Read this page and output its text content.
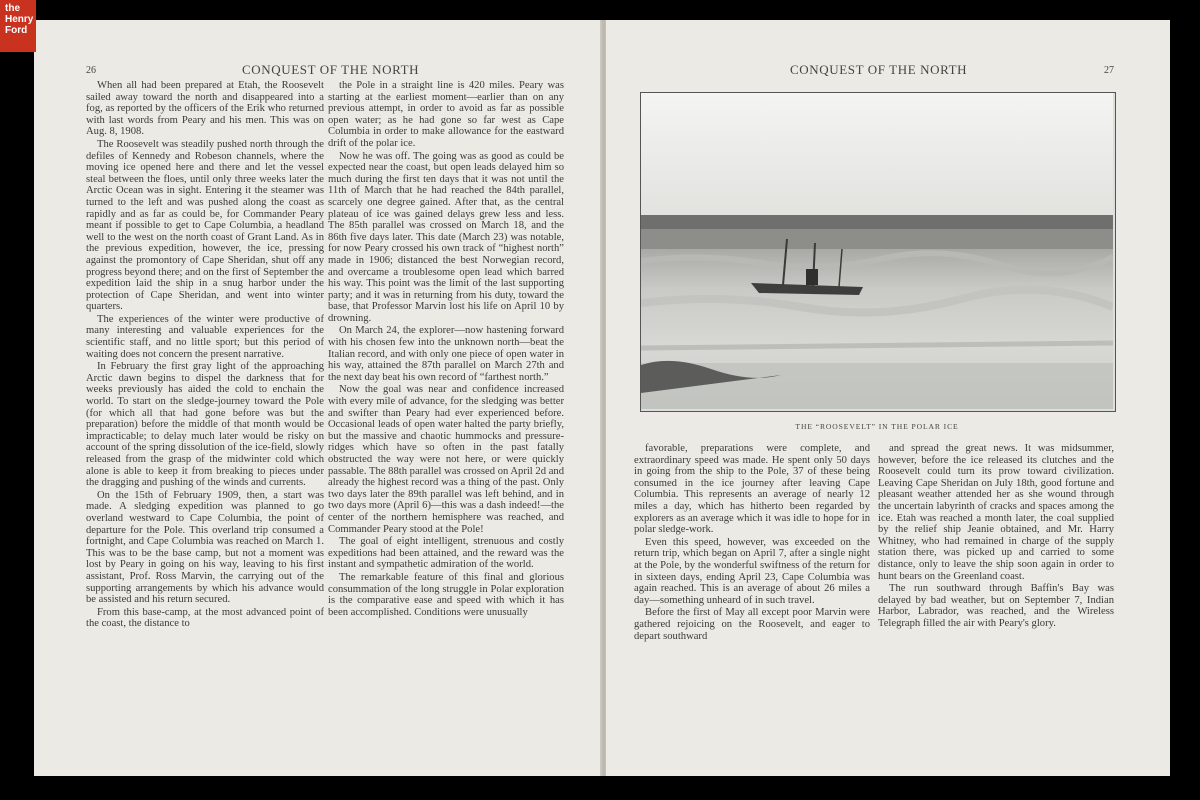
the
Henry
Ford
26	CONQUEST OF THE NORTH

When all had been prepared at Etah, the Roosevelt sailed away toward the north and disappeared into a fog, as reported by the officers of the Erik who returned with last words from Peary and his men. This was on Aug. 8, 1908.

The Roosevelt was steadily pushed north through the defiles of Kennedy and Robeson channels, where the moving ice opened here and there and let the vessel steal between the floes, until only three weeks later the Arctic Ocean was in sight. Entering it the steamer was turned to the left and was pushed along the coast as rapidly and as far as could be, for Commander Peary meant if possible to get to Cape Columbia, a headland well to the west on the north coast of Grant Land. As in the previous expedition, however, the ice, pressing against the promontory of Cape Sheridan, shut off any progress beyond there; and on the first of September the expedition laid the ship in a snug harbor under the protection of Cape Sheridan, and went into winter quarters.

The experiences of the winter were productive of many interesting and valuable experiences for the scientific staff, and no little sport; but this period of waiting does not concern the present narrative.

In February the first gray light of the approaching Arctic dawn begins to dispel the darkness that for weeks previously has aided the cold to enchain the world. To start on the sledge-journey toward the Pole (for which all that had gone before was but the preparation) before the middle of that month would be impracticable; to delay much later would be risky on account of the spring dissolution of the ice-field, slowly released from the grasp of the midwinter cold which alone is able to keep it from breaking to pieces under the dragging and pushing of the winds and currents.

On the 15th of February 1909, then, a start was made. A sledging expedition was planned to go overland westward to Cape Columbia, the point of departure for the Pole. This overland trip consumed a fortnight, and Cape Columbia was reached on March 1. This was to be the base camp, but not a moment was lost by Peary in going on his way, leaving to his first assistant, Prof. Ross Marvin, the carrying out of the supporting arrangements by which his advance would be assisted and his return secured.

From this base-camp, at the most advanced point of the coast, the distance to

the Pole in a straight line is 420 miles. Peary was starting at the earliest moment—earlier than on any previous attempt, in order to avoid as far as possible open water; as he had gone so far west as Cape Columbia in order to make allowance for the eastward drift of the polar ice.

Now he was off. The going was as good as could be expected near the coast, but open leads delayed him so much during the first ten days that it was not until the 11th of March that he had reached the 84th parallel, scarcely one degree gained. After that, as the central plateau of ice was gained delays grew less and less. The 85th parallel was crossed on March 18, and the 86th five days later. This date (March 23) was notable, for now Peary crossed his own track of “highest north” made in 1906; distanced the best Norwegian record, and overcame a troublesome open lead which barred his way. This point was the limit of the last supporting party; and it was in returning from his duty, toward the base, that Professor Marvin lost his life on April 10 by drowning.

On March 24, the explorer—now hastening forward with his chosen few into the unknown north—beat the Italian record, and with only one piece of open water in his way, attained the 87th parallel on March 27th and the next day beat his own record of “farthest north.”

Now the goal was near and confidence increased with every mile of advance, for the sledging was better and swifter than Peary had ever experienced before. Occasional leads of open water halted the party briefly, but the massive and chaotic hummocks and pressure-ridges which have so often in the past fatally obstructed the way were not here, or were quickly passable. The 88th parallel was crossed on April 2d and already the highest record was a thing of the past. Only two days later the 89th parallel was left behind, and in two days more (April 6)—this was a dash indeed!—the center of the northern hemisphere was reached, and Commander Peary stood at the Pole!

The goal of eight intelligent, strenuous and costly expeditions had been attained, and the reward was the instant and sympathetic admiration of the world.

The remarkable feature of this final and glorious consummation of the long struggle in Polar exploration is the comparative ease and speed with which it has been accomplished. Conditions were unusually

CONQUEST OF THE NORTH	27
THE “ROOSEVELT” IN THE POLAR ICE

favorable, preparations were complete, and extraordinary speed was made. He spent only 50 days in going from the ship to the Pole, 37 of these being consumed in the ice journey after leaving Cape Columbia. This represents an average of nearly 12 miles a day, which has hitherto been regarded by explorers as an average which it was idle to hope for in polar sledge-work.

Even this speed, however, was exceeded on the return trip, which began on April 7, after a single night at the Pole, by the wonderful swiftness of the return for in sixteen days, ending April 23, Cape Columbia was again reached. This is an average of about 26 miles a day—something unheard of in such travel.

Before the first of May all except poor Marvin were gathered rejoicing on the Roosevelt, and eager to depart southward

and spread the great news. It was midsummer, however, before the ice released its clutches and the Roosevelt could turn its prow toward civilization. Leaving Cape Sheridan on July 18th, good fortune and pleasant weather attended her as she wound through the uncertain labyrinth of cracks and spaces among the ice. Etah was reached a month later, the coal supplied by the relief ship Jeanie obtained, and Mr. Harry Whitney, who had remained in charge of the supply station there, was picked up and carried to some distance, only to leave the ship soon again in order to hunt bears on the Greenland coast.

The run southward through Baffin's Bay was delayed by bad weather, but on September 7, Indian Harbor, Labrador, was reached, and the Wireless Telegraph filled the air with Peary's glory.
